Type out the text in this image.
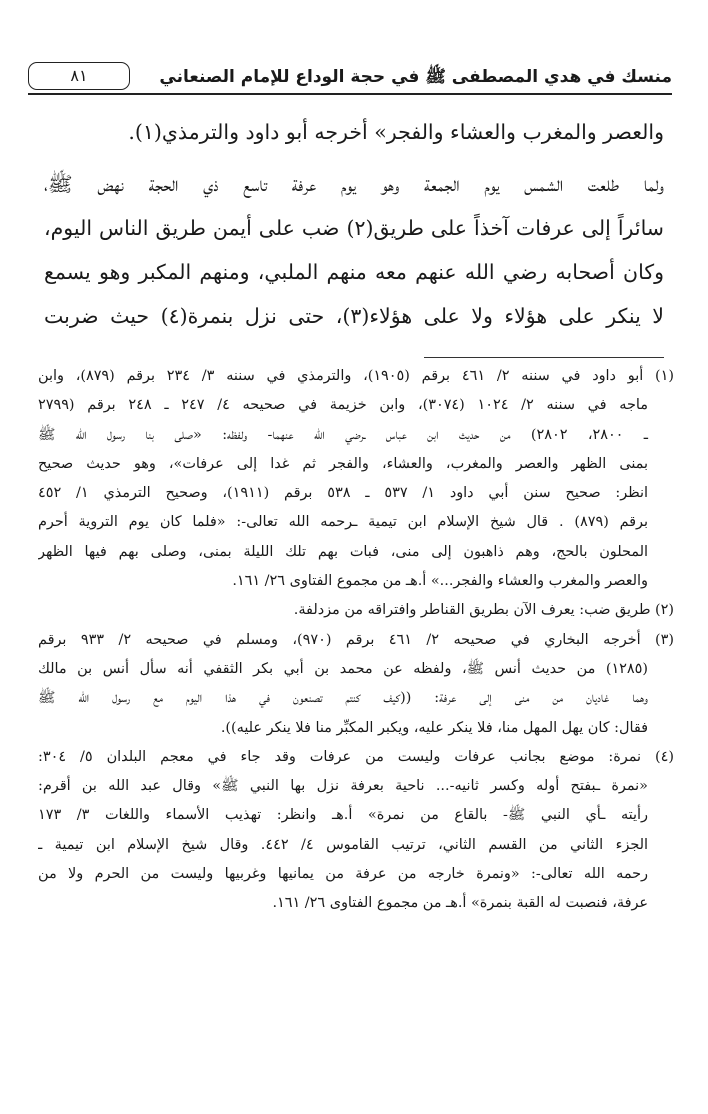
منسك في هدي المصطفى ﷺ في حجة الوداع للإمام الصنعاني
٨١
والعصر والمغرب والعشاء والفجر» أخرجه أبو داود والترمذي(١).
ولما طلعت الشمس يوم الجمعة وهو يوم عرفة تاسع ذي الحجة نهض ﷺ،
سائراً إلى عرفات آخذاً على طريق(٢) ضب على أيمن طريق الناس اليوم،
وكان أصحابه رضي الله عنهم معه منهم الملبي، ومنهم المكبر وهو يسمع
لا ينكر على هؤلاء ولا على هؤلاء(٣)، حتى نزل بنمرة(٤) حيث ضربت
(١) أبو داود في سننه ٢/ ٤٦١ برقم (١٩٠٥)، والترمذي في سننه ٣/ ٢٣٤ برقم (٨٧٩)، وابن
ماجه في سننه ٢/ ١٠٢٤ (٣٠٧٤)، وابن خزيمة في صحيحه ٤/ ٢٤٧ ـ ٢٤٨ برقم (٢٧٩٩
ـ ٢٨٠٠، ٢٨٠٢) من حديث ابن عباس ـرضي الله عنهما- ولفظه: «صلى بنا رسول الله ﷺ
بمنى الظهر والعصر والمغرب، والعشاء، والفجر ثم غدا إلى عرفات»، وهو حديث صحيح
انظر: صحيح سنن أبي داود ١/ ٥٣٧ ـ ٥٣٨ برقم (١٩١١)، وصحيح الترمذي ١/ ٤٥٢
برقم (٨٧٩) . قال شيخ الإسلام ابن تيمية ـرحمه الله تعالى-: «فلما كان يوم التروية أحرم
المحلون بالحج، وهم ذاهبون إلى منى، فبات بهم تلك الليلة بمنى، وصلى بهم فيها الظهر
والعصر والمغرب والعشاء والفجر...» أ.هـ من مجموع الفتاوى ٢٦/ ١٦١.
(٢) طريق ضب: يعرف الآن بطريق القناطر وافتراقه من مزدلفة.
(٣) أخرجه البخاري في صحيحه ٢/ ٤٦١ برقم (٩٧٠)، ومسلم في صحيحه ٢/ ٩٣٣ برقم
(١٢٨٥) من حديث أنس ﷺ، ولفظه عن محمد بن أبي بكر الثقفي أنه سأل أنس بن مالك
وهما غاديان من منى إلى عرفة: ((كيف كنتم تصنعون في هذا اليوم مع رسول الله ﷺ
فقال: كان يهل المهل منا، فلا ينكر عليه، ويكبر المكبِّر منا فلا ينكر عليه)).
(٤) نمرة: موضع بجانب عرفات وليست من عرفات وقد جاء في معجم البلدان ٥/ ٣٠٤:
«نمرة ـبفتح أوله وكسر ثانيه-... ناحية بعرفة نزل بها النبي ﷺ» وقال عبد الله بن أقرم:
رأيته ـأي النبي ﷺ- بالقاع من نمرة» أ.هـ وانظر: تهذيب الأسماء واللغات ٣/ ١٧٣
الجزء الثاني من القسم الثاني، ترتيب القاموس ٤/ ٤٤٢. وقال شيخ الإسلام ابن تيمية ـ
رحمه الله تعالى-: «ونمرة خارجه من عرفة من يمانيها وغربيها وليست من الحرم ولا من
عرفة، فنصبت له القبة بنمرة» أ.هـ من مجموع الفتاوى ٢٦/ ١٦١.
